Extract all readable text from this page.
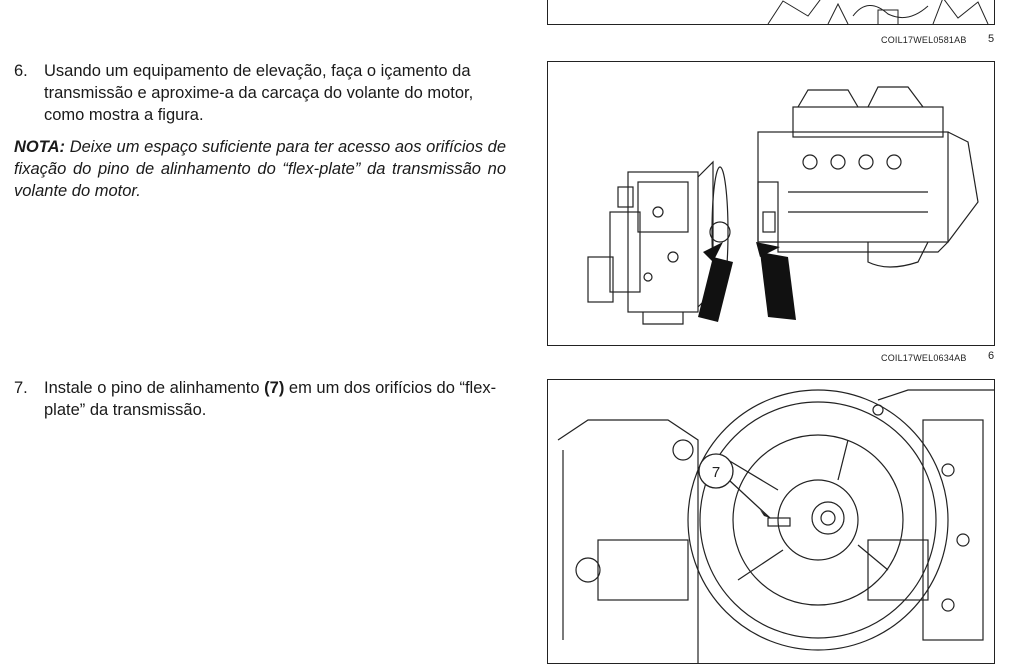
COIL17WEL0581AB 5
6. Usando um equipamento de elevação, faça o içamento da transmissão e aproxime-a da carcaça do volante do motor, como mostra a figura.
NOTA: Deixe um espaço suficiente para ter acesso aos orifícios de fixação do pino de alinhamento do “flex-plate” da transmissão no volante do motor.
COIL17WEL0634AB 6
7. Instale o pino de alinhamento (7) em um dos orifícios do “flex-plate” da transmissão.
7
